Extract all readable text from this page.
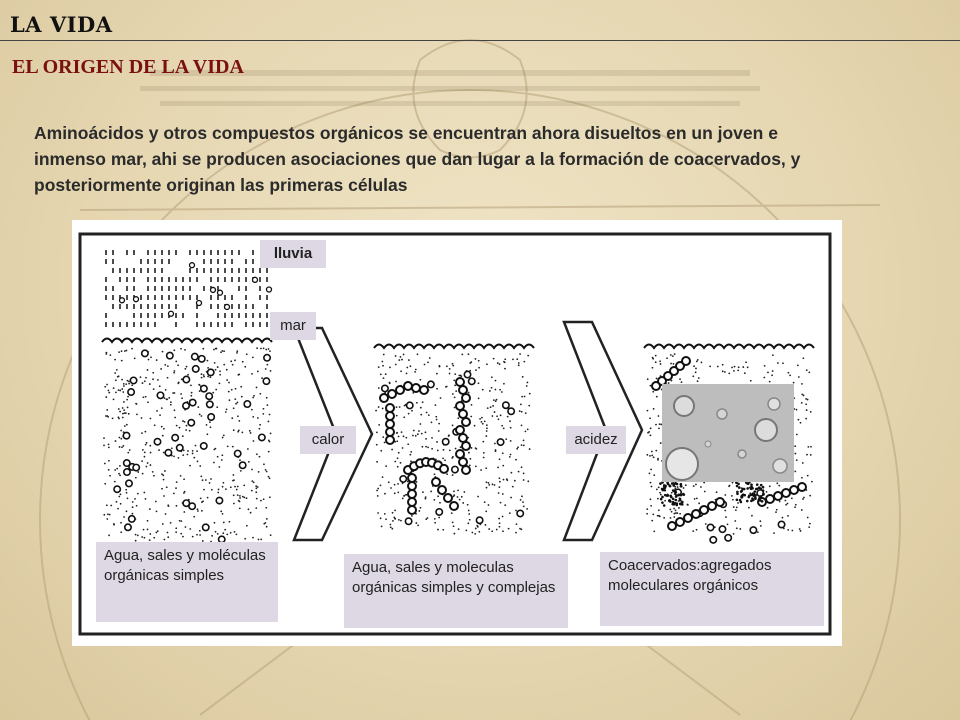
LA VIDA
EL ORIGEN DE LA VIDA

Aminoácidos y otros compuestos orgánicos se encuentran ahora disueltos en un joven e inmenso mar, ahi se producen asociaciones que dan lugar a la formación de coacervados, y posteriormente originan las primeras células

lluvia
mar
calor	acidez
Agua, sales y moléculas orgánicas simples	Agua, sales y moleculas orgánicas simples y complejas
Coacervados:agregados moleculares orgánicos
